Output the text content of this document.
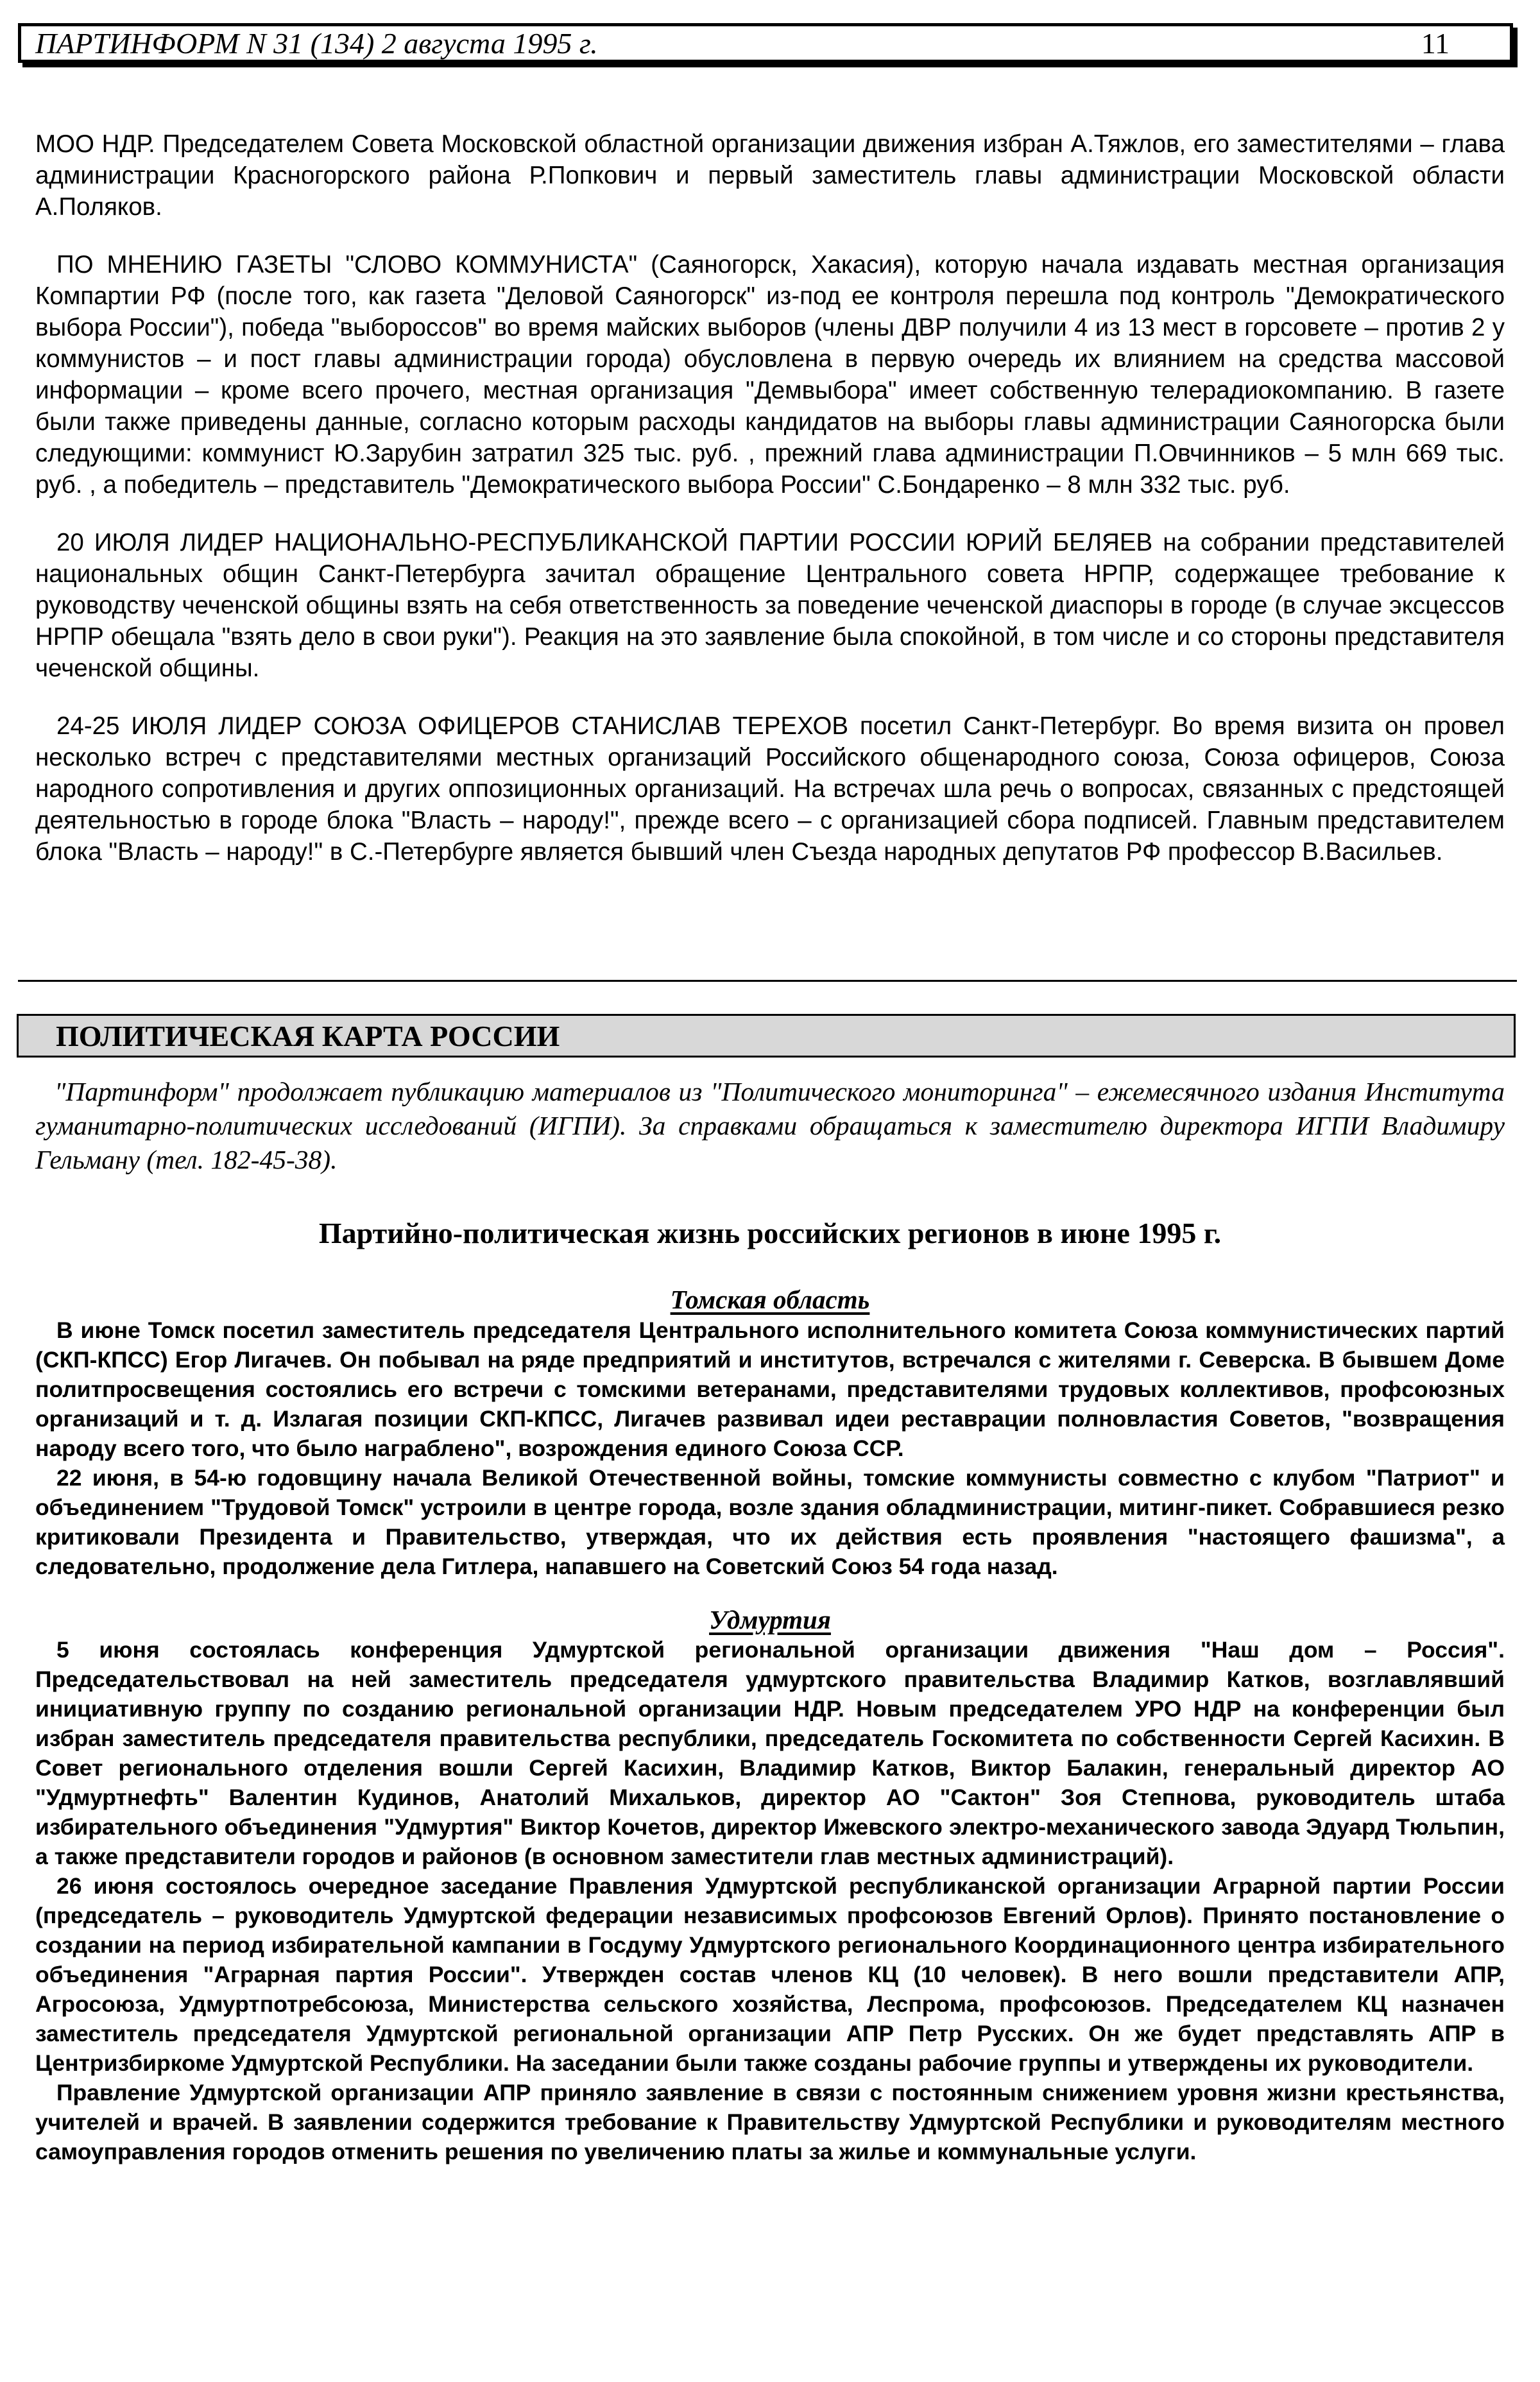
ПАРТИНФОРМ N 31 (134) 2 августа 1995 г.	11

МОО НДР. Председателем Совета Московской областной организации движения избран А.Тяжлов, его заместителями – глава администрации Красногорского района Р.Попкович и первый заместитель главы администрации Московской области А.Поляков.

ПО МНЕНИЮ ГАЗЕТЫ "СЛОВО КОММУНИСТА" (Саяногорск, Хакасия), которую начала издавать местная организация Компартии РФ (после того, как газета "Деловой Саяногорск" из-под ее контроля перешла под контроль "Демократического выбора России"), победа "выбороссов" во время майских выборов (члены ДВР получили 4 из 13 мест в горсовете – против 2 у коммунистов – и пост главы администрации города) обусловлена в первую очередь их влиянием на средства массовой информации – кроме всего прочего, местная организация "Демвыбора" имеет собственную телерадиокомпанию. В газете были также приведены данные, согласно которым расходы кандидатов на выборы главы администрации Саяногорска были следующими: коммунист Ю.Зарубин затратил 325 тыс. руб. , прежний глава администрации П.Овчинников – 5 млн 669 тыс. руб. , а победитель – представитель "Демократического выбора России" С.Бондаренко – 8 млн 332 тыс. руб.

20 ИЮЛЯ ЛИДЕР НАЦИОНАЛЬНО-РЕСПУБЛИКАНСКОЙ ПАРТИИ РОССИИ ЮРИЙ БЕЛЯЕВ на собрании представителей национальных общин Санкт-Петербурга зачитал обращение Центрального совета НРПР, содержащее требование к руководству чеченской общины взять на себя ответственность за поведение чеченской диаспоры в городе (в случае эксцессов НРПР обещала "взять дело в свои руки"). Реакция на это заявление была спокойной, в том числе и со стороны представителя чеченской общины.

24-25 ИЮЛЯ ЛИДЕР СОЮЗА ОФИЦЕРОВ СТАНИСЛАВ ТЕРЕХОВ посетил Санкт-Петербург. Во время визита он провел несколько встреч с представителями местных организаций Российского общенародного союза, Союза офицеров, Союза народного сопротивления и других оппозиционных организаций. На встречах шла речь о вопросах, связанных с предстоящей деятельностью в городе блока "Власть – народу!", прежде всего – с организацией сбора подписей. Главным представителем блока "Власть – народу!" в С.-Петербурге является бывший член Съезда народных депутатов РФ профессор В.Васильев.

ПОЛИТИЧЕСКАЯ КАРТА РОССИИ
"Партинформ" продолжает публикацию материалов из "Политического мониторинга" – ежемесячного издания Института гуманитарно-политических исследований (ИГПИ). За справками обращаться к заместителю директора ИГПИ Владимиру Гельману (тел. 182-45-38).
Партийно-политическая жизнь российских регионов в июне 1995 г.
Томская область

В июне Томск посетил заместитель председателя Центрального исполнительного комитета Союза коммунистических партий (СКП-КПСС) Егор Лигачев. Он побывал на ряде предприятий и институтов, встречался с жителями г. Северска. В бывшем Доме политпросвещения состоялись его встречи с томскими ветеранами, представителями трудовых коллективов, профсоюзных организаций и т. д. Излагая позиции СКП-КПСС, Лигачев развивал идеи реставрации полновластия Советов, "возвращения народу всего того, что было награблено", возрождения единого Союза ССР.

22 июня, в 54-ю годовщину начала Великой Отечественной войны, томские коммунисты совместно с клубом "Патриот" и объединением "Трудовой Томск" устроили в центре города, возле здания обладминистрации, митинг-пикет. Собравшиеся резко критиковали Президента и Правительство, утверждая, что их действия есть проявления "настоящего фашизма", а следовательно, продолжение дела Гитлера, напавшего на Советский Союз 54 года назад.

Удмуртия

5 июня состоялась конференция Удмуртской региональной организации движения "Наш дом – Россия". Председательствовал на ней заместитель председателя удмуртского правительства Владимир Катков, возглавлявший инициативную группу по созданию региональной организации НДР. Новым председателем УРО НДР на конференции был избран заместитель председателя правительства республики, председатель Госкомитета по собственности Сергей Касихин. В Совет регионального отделения вошли Сергей Касихин, Владимир Катков, Виктор Балакин, генеральный директор АО "Удмуртнефть" Валентин Кудинов, Анатолий Михальков, директор АО "Сактон" Зоя Степнова, руководитель штаба избирательного объединения "Удмуртия" Виктор Кочетов, директор Ижевского электро-механического завода Эдуард Тюльпин, а также представители городов и районов (в основном заместители глав местных администраций).

26 июня состоялось очередное заседание Правления Удмуртской республиканской организации Аграрной партии России (председатель – руководитель Удмуртской федерации независимых профсоюзов Евгений Орлов). Принято постановление о создании на период избирательной кампании в Госдуму Удмуртского регионального Координационного центра избирательного объединения "Аграрная партия России". Утвержден состав членов КЦ (10 человек). В него вошли представители АПР, Агросоюза, Удмуртпотребсоюза, Министерства сельского хозяйства, Леспрома, профсоюзов. Председателем КЦ назначен заместитель председателя Удмуртской региональной организации АПР Петр Русских. Он же будет представлять АПР в Центризбиркоме Удмуртской Республики. На заседании были также созданы рабочие группы и утверждены их руководители.

Правление Удмуртской организации АПР приняло заявление в связи с постоянным снижением уровня жизни крестьянства, учителей и врачей. В заявлении содержится требование к Правительству Удмуртской Республики и руководителям местного самоуправления городов отменить решения по увеличению платы за жилье и коммунальные услуги.
